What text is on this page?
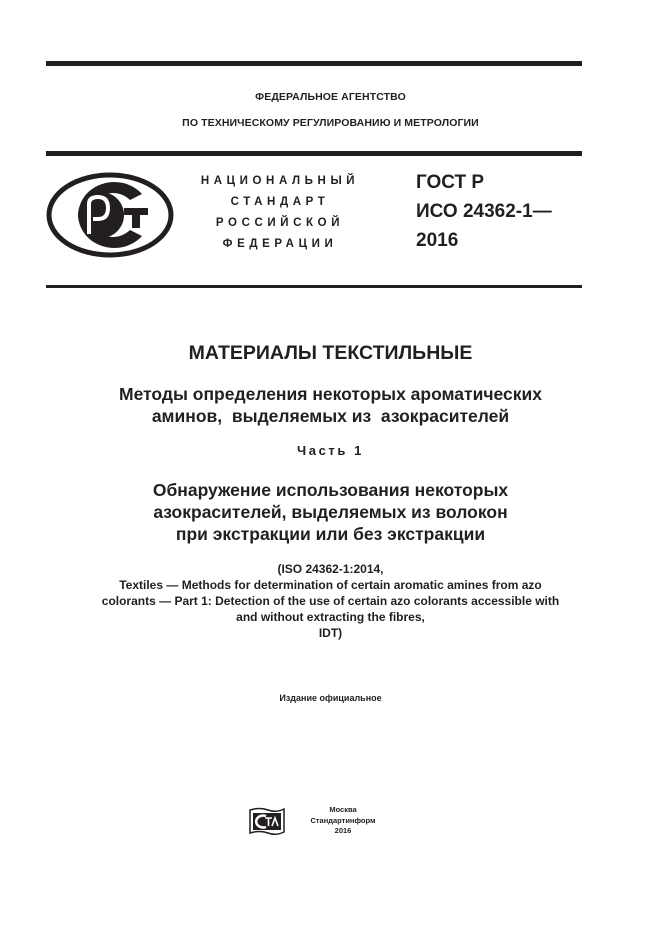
ФЕДЕРАЛЬНОЕ АГЕНТСТВО
ПО ТЕХНИЧЕСКОМУ РЕГУЛИРОВАНИЮ И МЕТРОЛОГИИ
НАЦИОНАЛЬНЫЙ
СТАНДАРТ
РОССИЙСКОЙ
ФЕДЕРАЦИИ
ГОСТ Р
ИСО 24362-1—
2016
МАТЕРИАЛЫ ТЕКСТИЛЬНЫЕ
Методы определения некоторых ароматических
аминов,  выделяемых из  азокрасителей
Часть 1
Обнаружение использования некоторых
азокрасителей, выделяемых из волокон
при экстракции или без экстракции
(ISO 24362-1:2014,
Textiles — Methods for determination of certain aromatic amines from azo
colorants — Part 1: Detection of the use of certain azo colorants accessible with
and without extracting the fibres,
IDT)
Издание официальное
Москва
Стандартинформ
2016
